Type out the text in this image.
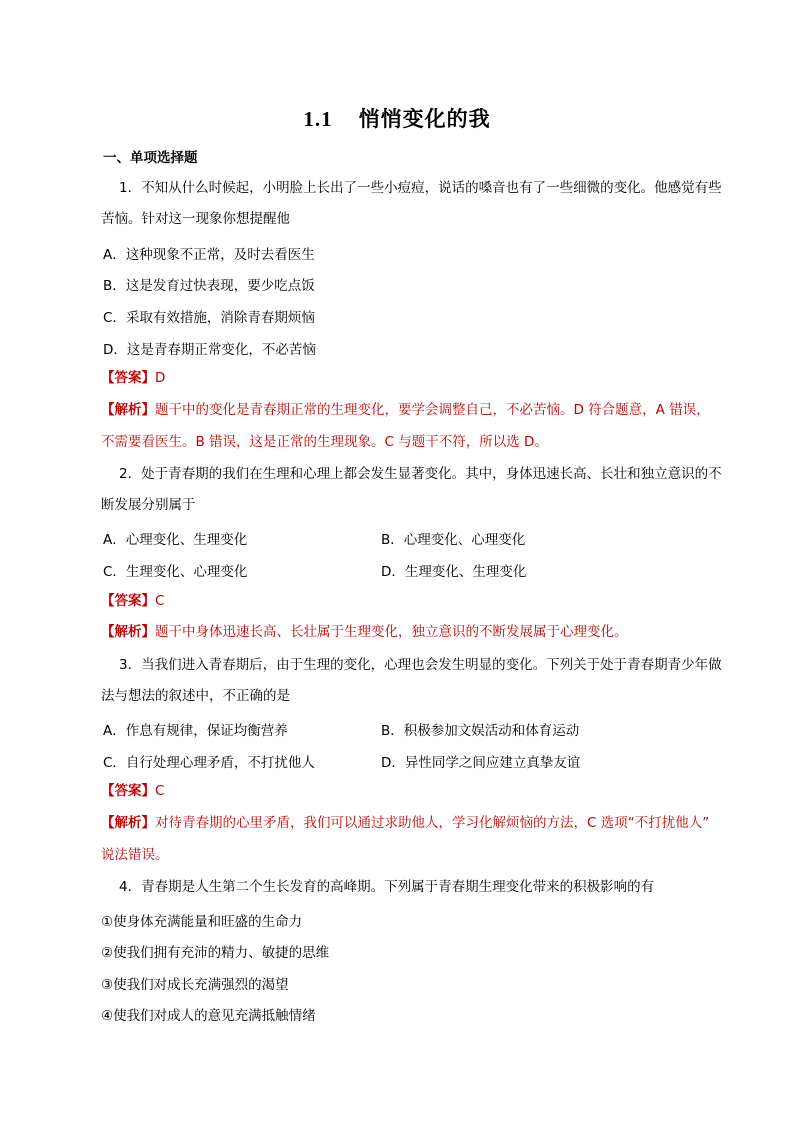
1.1 悄悄变化的我
一、单项选择题
1．不知从什么时候起，小明脸上长出了一些小痘痘，说话的嗓音也有了一些细微的变化。他感觉有些
苦恼。针对这一现象你想提醒他
A．这种现象不正常，及时去看医生
B．这是发育过快表现，要少吃点饭
C．采取有效措施，消除青春期烦恼
D．这是青春期正常变化，不必苦恼
【答案】D
【解析】题干中的变化是青春期正常的生理变化，要学会调整自己，不必苦恼。D 符合题意，A 错误，
不需要看医生。B 错误，这是正常的生理现象。C 与题干不符，所以选 D。
2．处于青春期的我们在生理和心理上都会发生显著变化。其中，身体迅速长高、长壮和独立意识的不
断发展分别属于
A．心理变化、生理变化	B．心理变化、心理变化
C．生理变化、心理变化	D．生理变化、生理变化
【答案】C
【解析】题干中身体迅速长高、长壮属于生理变化，独立意识的不断发展属于心理变化。
3．当我们进入青春期后，由于生理的变化，心理也会发生明显的变化。下列关于处于青春期青少年做
法与想法的叙述中，不正确的是
A．作息有规律，保证均衡营养	B．积极参加文娱活动和体育运动
C．自行处理心理矛盾，不打扰他人	D．异性同学之间应建立真挚友谊
【答案】C
【解析】对待青春期的心里矛盾，我们可以通过求助他人，学习化解烦恼的方法，C 选项“不打扰他人”
说法错误。
4．青春期是人生第二个生长发育的高峰期。下列属于青春期生理变化带来的积极影响的有
①使身体充满能量和旺盛的生命力
②使我们拥有充沛的精力、敏捷的思维
③使我们对成长充满强烈的渴望
④使我们对成人的意见充满抵触情绪
